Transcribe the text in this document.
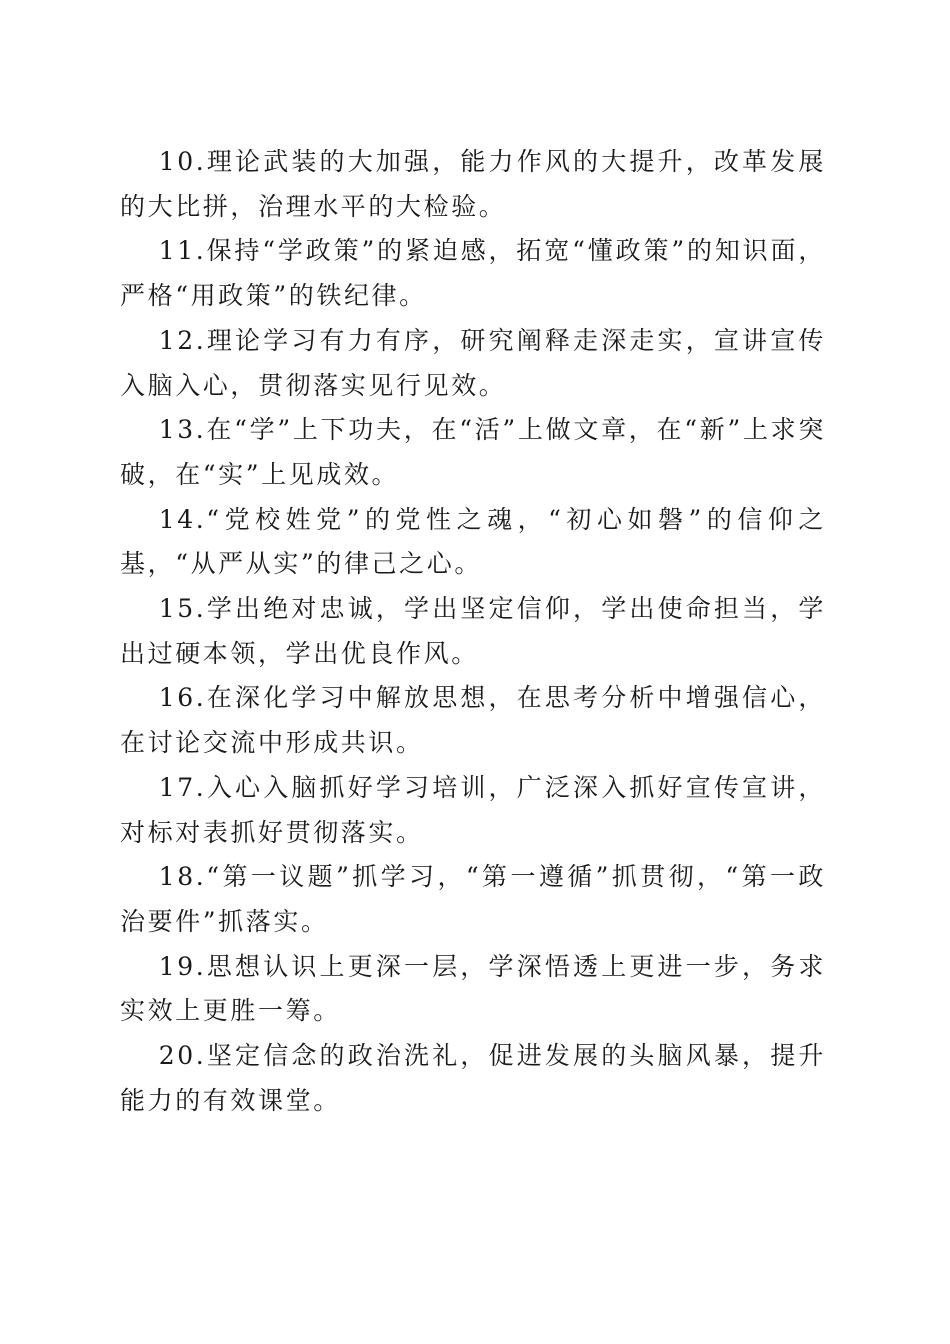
10.理论武装的大加强，能力作风的大提升，改革发展的大比拼，治理水平的大检验。

11.保持“学政策”的紧迫感，拓宽“懂政策”的知识面，严格“用政策”的铁纪律。

12.理论学习有力有序，研究阐释走深走实，宣讲宣传入脑入心，贯彻落实见行见效。

13.在“学”上下功夫，在“活”上做文章，在“新”上求突破，在“实”上见成效。

14.“党校姓党”的党性之魂，“初心如磐”的信仰之基，“从严从实”的律己之心。

15.学出绝对忠诚，学出坚定信仰，学出使命担当，学出过硬本领，学出优良作风。

16.在深化学习中解放思想，在思考分析中增强信心，在讨论交流中形成共识。

17.入心入脑抓好学习培训，广泛深入抓好宣传宣讲，对标对表抓好贯彻落实。

18.“第一议题”抓学习，“第一遵循”抓贯彻，“第一政治要件”抓落实。

19.思想认识上更深一层，学深悟透上更进一步，务求实效上更胜一筹。

20.坚定信念的政治洗礼，促进发展的头脑风暴，提升能力的有效课堂。
